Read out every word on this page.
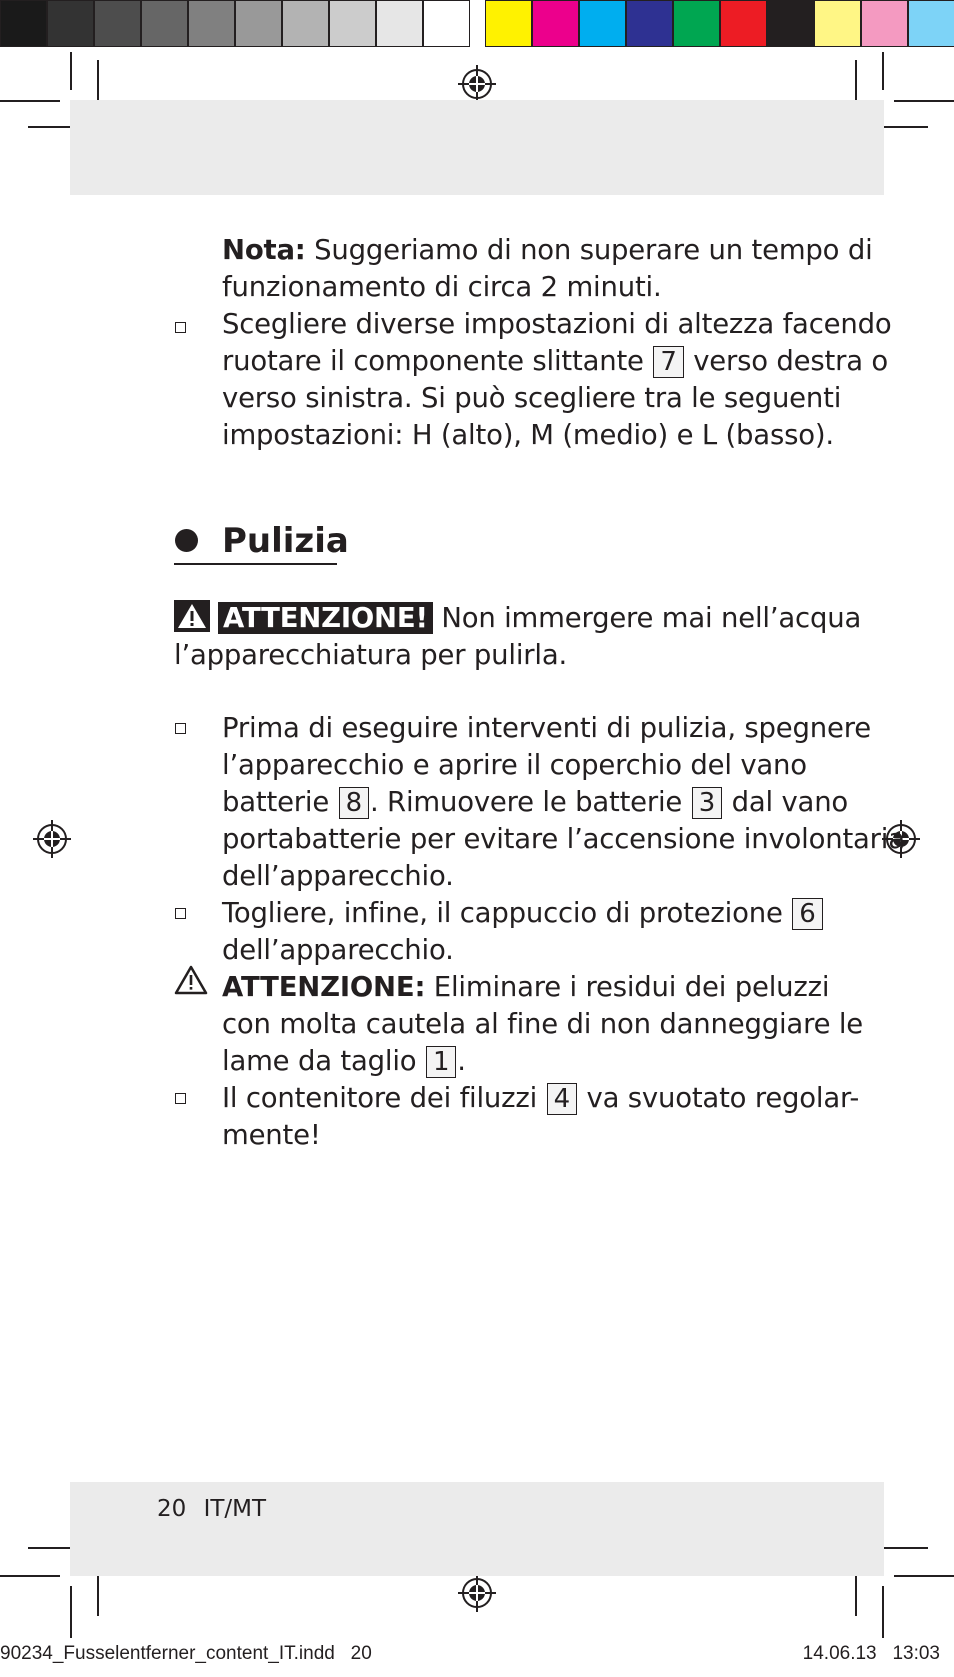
Nota: Suggeriamo di non superare un tempo di
funzionamento di circa 2 minuti.
Scegliere diverse impostazioni di altezza facendo
ruotare il componente slittante 7 verso destra o
verso sinistra. Si può scegliere tra le seguenti
impostazioni: H (alto), M (medio) e L (basso).
Pulizia
ATTENZIONE! Non immergere mai nell’acqua
l’apparecchiatura per pulirla.
Prima di eseguire interventi di pulizia, spegnere
l’apparecchio e aprire il coperchio del vano
batterie 8 . Rimuovere le batterie 3 dal vano
portabatterie per evitare l’accensione involontaria
dell’apparecchio.
Togliere, infine, il cappuccio di protezione 6
dell’apparecchio.
ATTENZIONE: Eliminare i residui dei peluzzi
con molta cautela al fine di non danneggiare le
lame da taglio 1 .
Il contenitore dei filuzzi 4 va svuotato regolar-
mente!
20 IT/MT
90234_Fusselentferner_content_IT.indd   20	14.06.13   13:03
